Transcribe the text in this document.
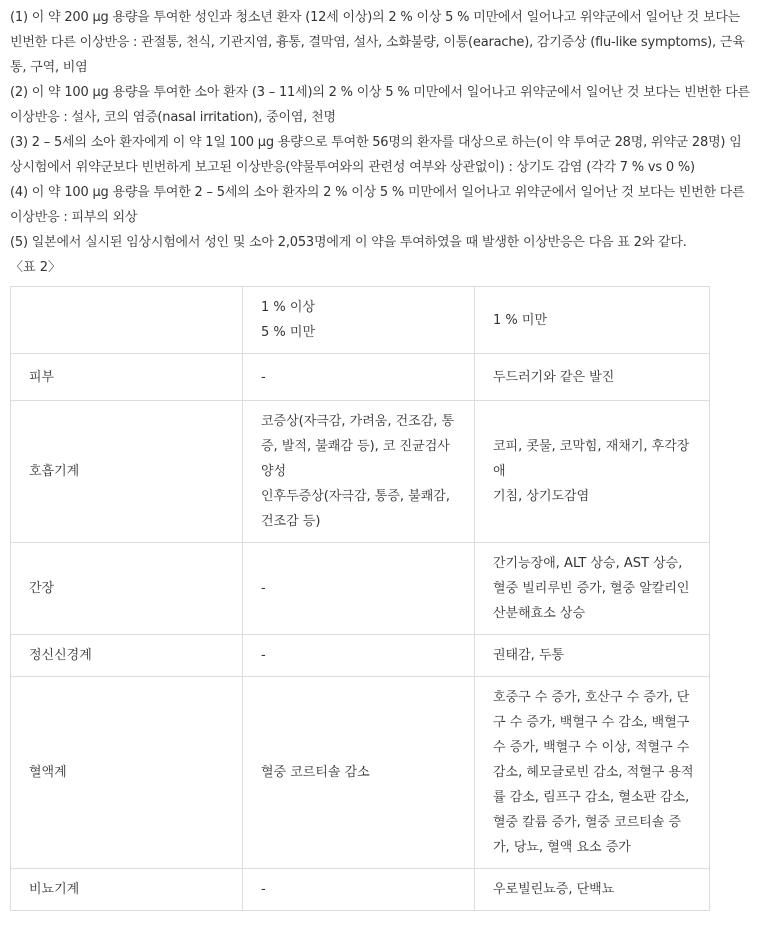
(1) 이 약 200 μg 용량을 투여한 성인과 청소년 환자 (12세 이상)의 2 % 이상 5 % 미만에서 일어나고 위약군에서 일어난 것 보다는 빈번한 다른 이상반응 : 관절통, 천식, 기관지염, 흉통, 결막염, 설사, 소화불량, 이통(earache), 감기증상 (flu-like symptoms), 근육통, 구역, 비염

(2) 이 약 100 μg 용량을 투여한 소아 환자 (3 – 11세)의 2 % 이상 5 % 미만에서 일어나고 위약군에서 일어난 것 보다는 빈번한 다른 이상반응 : 설사, 코의 염증(nasal irritation), 중이염, 천명

(3) 2 – 5세의 소아 환자에게 이 약 1일 100 μg 용량으로 투여한 56명의 환자를 대상으로 하는(이 약 투여군 28명, 위약군 28명) 임상시험에서 위약군보다 빈번하게 보고된 이상반응(약물투여와의 관련성 여부와 상관없이) : 상기도 감염 (각각 7 % vs 0 %)

(4) 이 약 100 μg 용량을 투여한 2 – 5세의 소아 환자의 2 % 이상 5 % 미만에서 일어나고 위약군에서 일어난 것 보다는 빈번한 다른 이상반응 : 피부의 외상

(5) 일본에서 실시된 임상시험에서 성인 및 소아 2,053명에게 이 약을 투여하였을 때 발생한 이상반응은 다음 표 2와 같다.

〈표 2〉

	1 % 이상
5 % 미만	1 % 미만
피부	-	두드러기와 같은 발진

호흡기계	코증상(자극감, 가려움, 건조감, 통증, 발적, 불쾌감 등), 코 진균검사 양성
인후두증상(자극감, 통증, 불쾌감, 건조감 등)	코피, 콧물, 코막힘, 재채기, 후각장애
기침, 상기도감염

간장	-	간기능장애, ALT 상승, AST 상승, 혈중 빌리루빈 증가, 혈중 알칼리인산분해효소 상승

정신신경계	-	권태감, 두통

혈액계	혈중 코르티솔 감소	호중구 수 증가, 호산구 수 증가, 단구 수 증가, 백혈구 수 감소, 백혈구 수 증가, 백혈구 수 이상, 적혈구 수 감소, 헤모글로빈 감소, 적혈구 용적률 감소, 림프구 감소, 혈소판 감소, 혈중 칼륨 증가, 혈중 코르티솔 증가, 당뇨, 혈액 요소 증가

비뇨기계	-	우로빌린뇨증, 단백뇨
